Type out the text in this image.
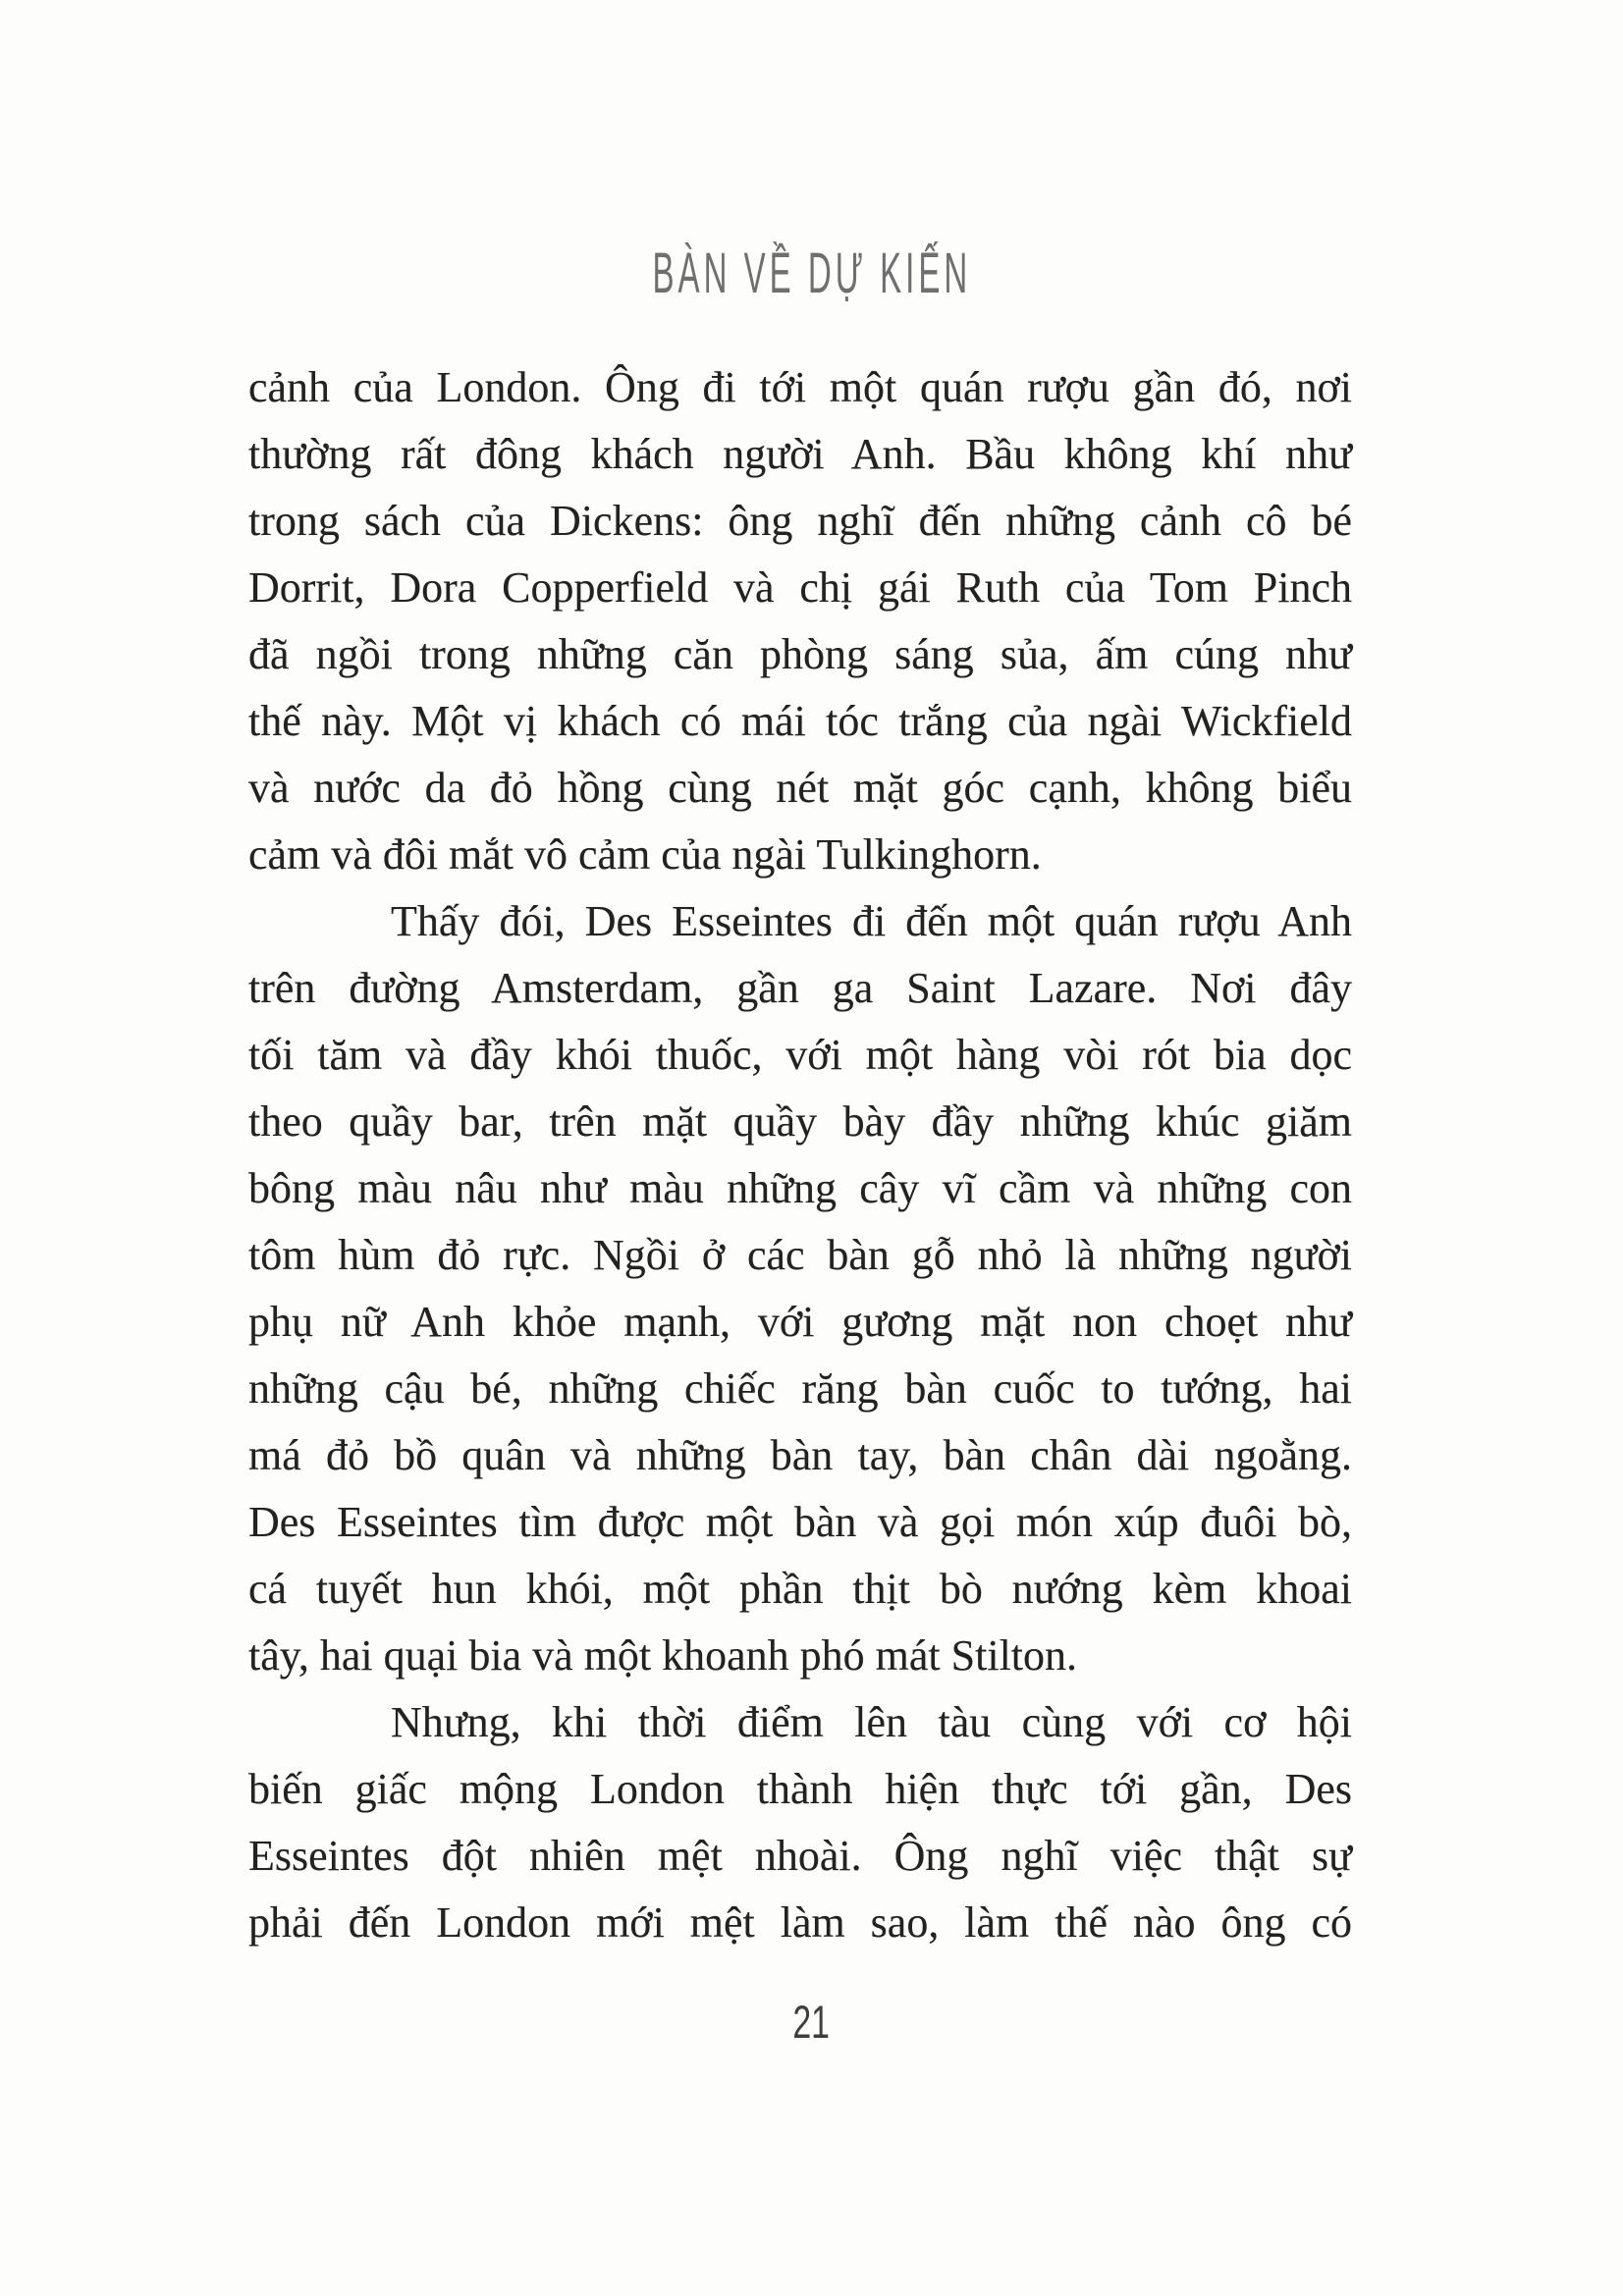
BÀN VỀ DỰ KIẾN
cảnh của London. Ông đi tới một quán rượu gần đó, nơi
thường rất đông khách người Anh. Bầu không khí như
trong sách của Dickens: ông nghĩ đến những cảnh cô bé
Dorrit, Dora Copperfield và chị gái Ruth của Tom Pinch
đã ngồi trong những căn phòng sáng sủa, ấm cúng như
thế này. Một vị khách có mái tóc trắng của ngài Wickfield
và nước da đỏ hồng cùng nét mặt góc cạnh, không biểu
cảm và đôi mắt vô cảm của ngài Tulkinghorn.
Thấy đói, Des Esseintes đi đến một quán rượu Anh
trên đường Amsterdam, gần ga Saint Lazare. Nơi đây
tối tăm và đầy khói thuốc, với một hàng vòi rót bia dọc
theo quầy bar, trên mặt quầy bày đầy những khúc giăm
bông màu nâu như màu những cây vĩ cầm và những con
tôm hùm đỏ rực. Ngồi ở các bàn gỗ nhỏ là những người
phụ nữ Anh khỏe mạnh, với gương mặt non choẹt như
những cậu bé, những chiếc răng bàn cuốc to tướng, hai
má đỏ bồ quân và những bàn tay, bàn chân dài ngoằng.
Des Esseintes tìm được một bàn và gọi món xúp đuôi bò,
cá tuyết hun khói, một phần thịt bò nướng kèm khoai
tây, hai quại bia và một khoanh phó mát Stilton.
Nhưng, khi thời điểm lên tàu cùng với cơ hội
biến giấc mộng London thành hiện thực tới gần, Des
Esseintes đột nhiên mệt nhoài. Ông nghĩ việc thật sự
phải đến London mới mệt làm sao, làm thế nào ông có
21
